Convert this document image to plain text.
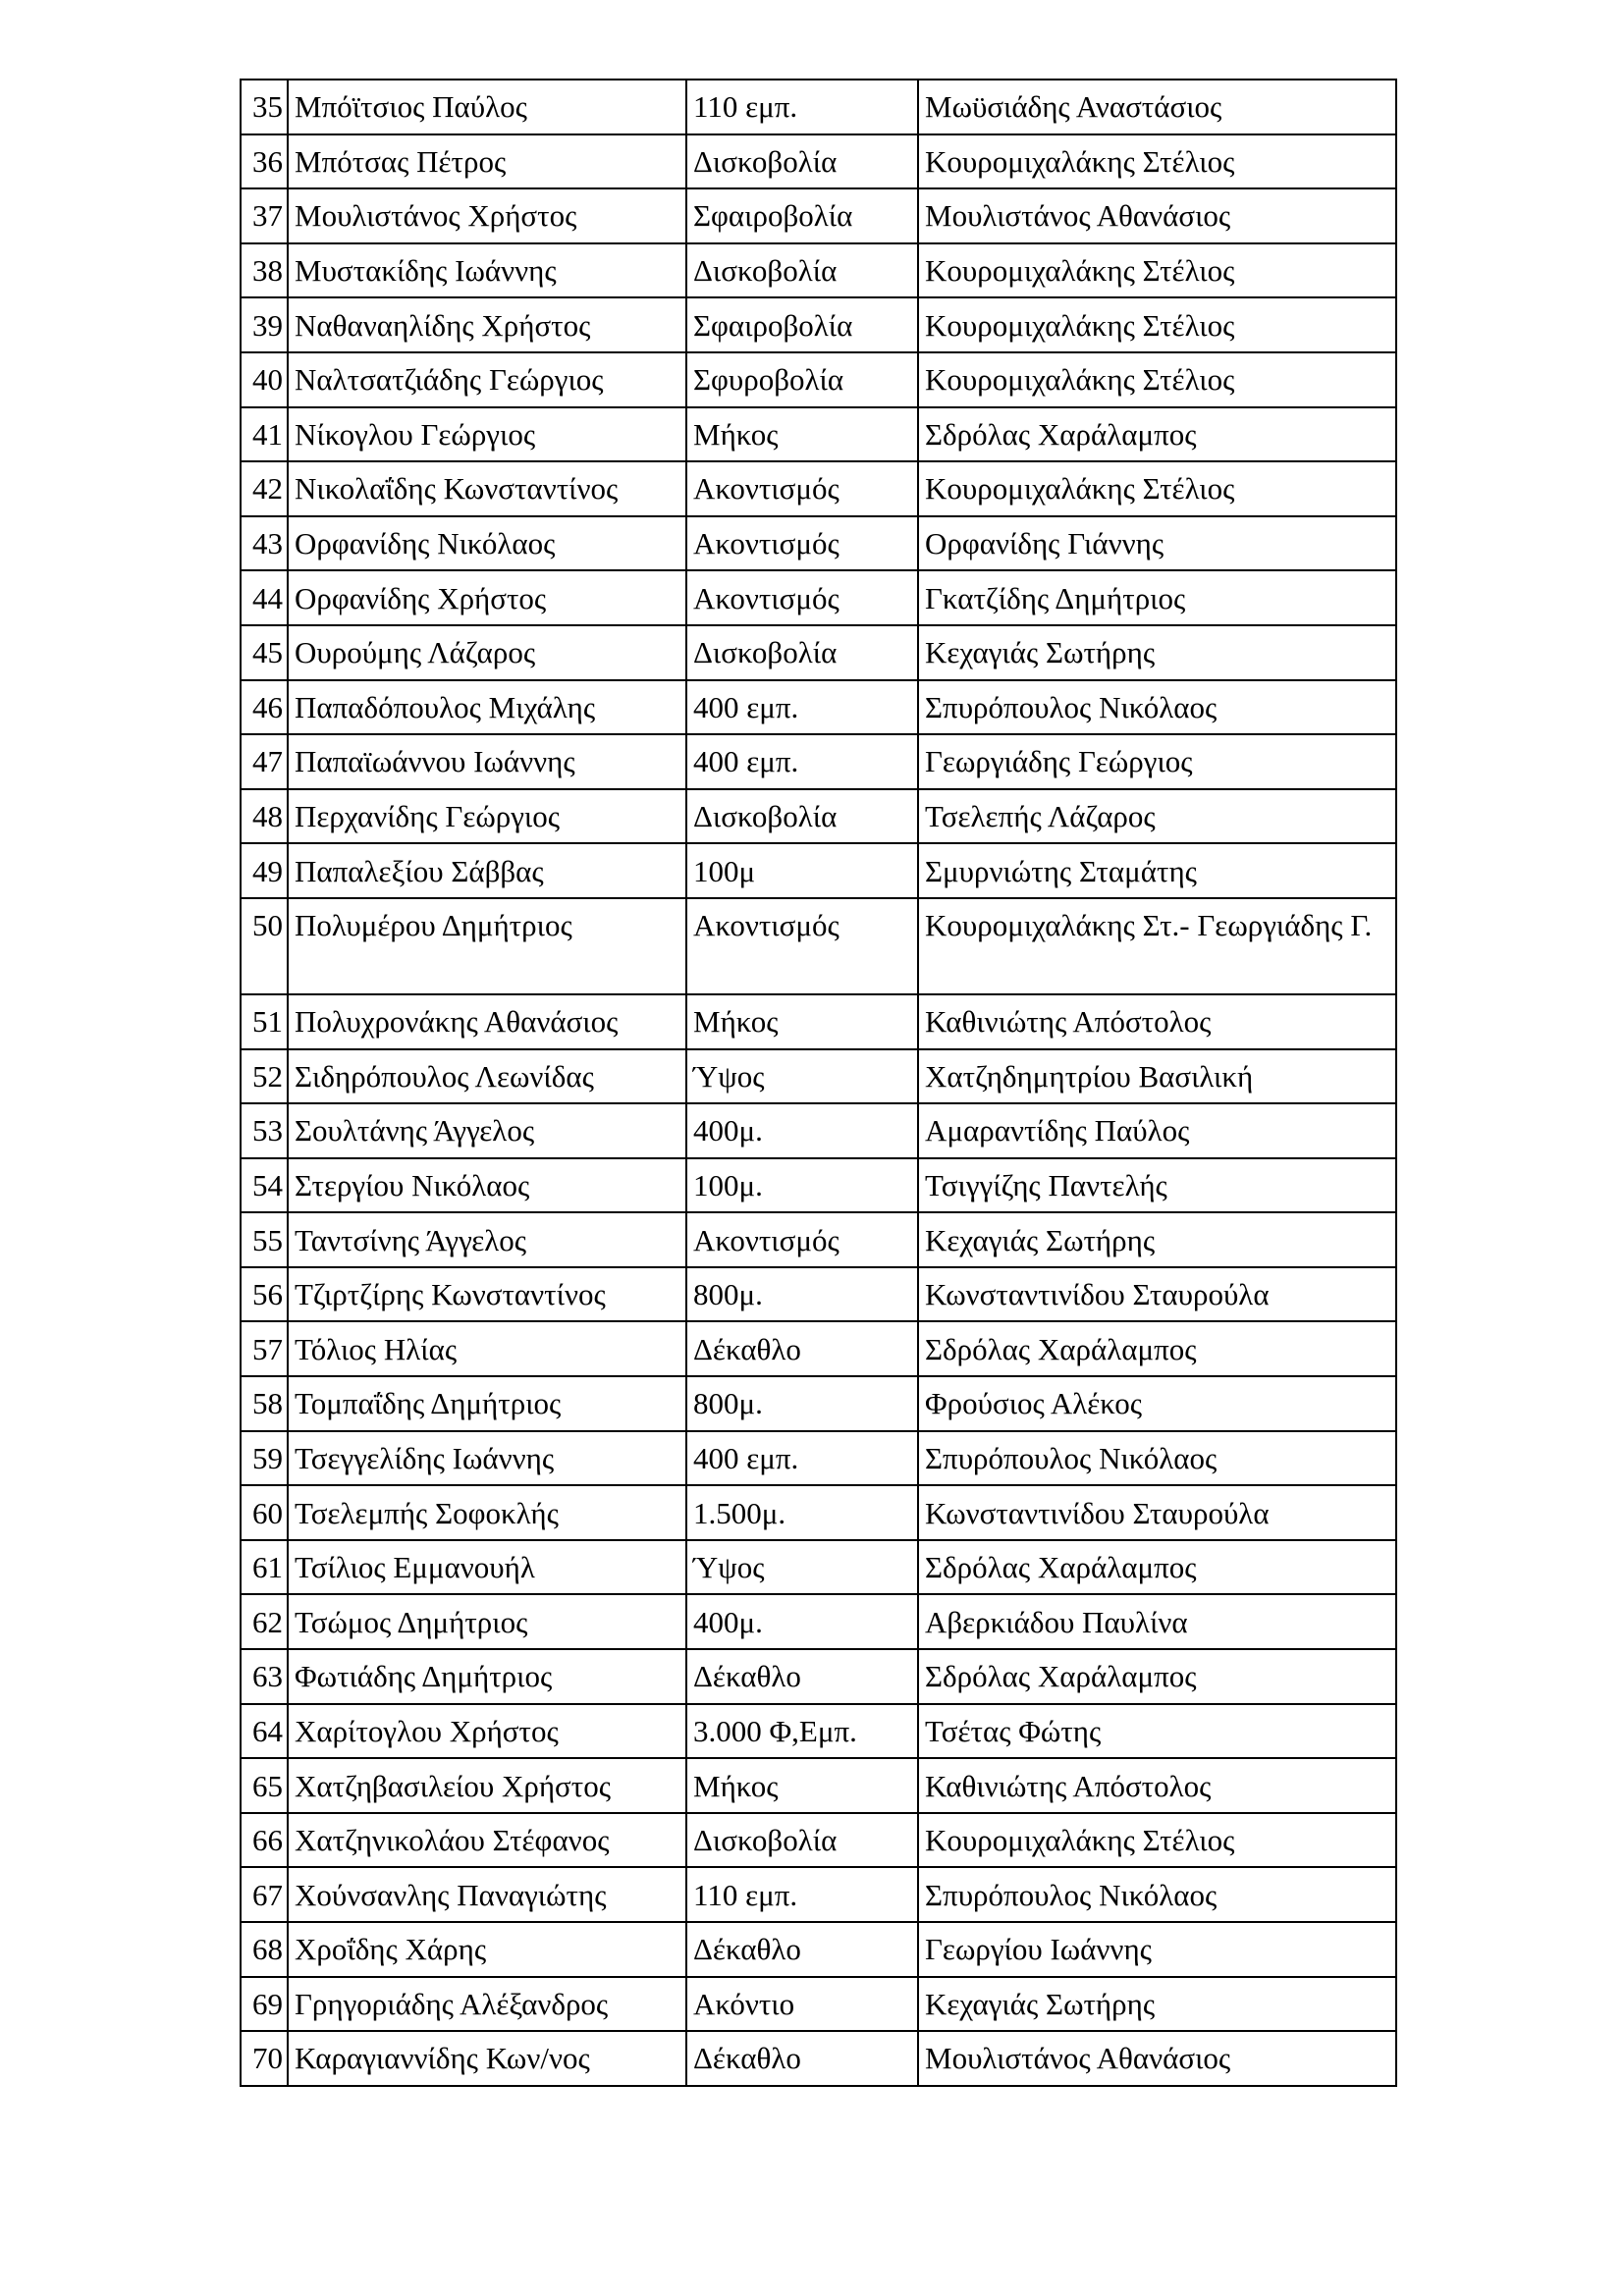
35	Μπόϊτσιος Παύλος	110 εμπ.	Μωϋσιάδης Αναστάσιος
36	Μπότσας Πέτρος	Δισκοβολία	Κουρομιχαλάκης Στέλιος
37	Μουλιστάνος Χρήστος	Σφαιροβολία	Μουλιστάνος Αθανάσιος
38	Μυστακίδης Ιωάννης	Δισκοβολία	Κουρομιχαλάκης Στέλιος
39	Ναθαναηλίδης Χρήστος	Σφαιροβολία	Κουρομιχαλάκης Στέλιος
40	Ναλτσατζιάδης Γεώργιος	Σφυροβολία	Κουρομιχαλάκης Στέλιος
41	Νίκογλου Γεώργιος	Μήκος	Σδρόλας Χαράλαμπος
42	Νικολαΐδης Κωνσταντίνος	Ακοντισμός	Κουρομιχαλάκης Στέλιος
43	Ορφανίδης Νικόλαος	Ακοντισμός	Ορφανίδης Γιάννης
44	Ορφανίδης Χρήστος	Ακοντισμός	Γκατζίδης Δημήτριος
45	Ουρούμης Λάζαρος	Δισκοβολία	Κεχαγιάς Σωτήρης
46	Παπαδόπουλος Μιχάλης	400 εμπ.	Σπυρόπουλος Νικόλαος
47	Παπαϊωάννου Ιωάννης	400 εμπ.	Γεωργιάδης Γεώργιος
48	Περχανίδης Γεώργιος	Δισκοβολία	Τσελεπής Λάζαρος
49	Παπαλεξίου Σάββας	100μ	Σμυρνιώτης Σταμάτης
50	Πολυμέρου Δημήτριος	Ακοντισμός	Κουρομιχαλάκης Στ.- Γεωργιάδης Γ.
51	Πολυχρονάκης Αθανάσιος	Μήκος	Καθινιώτης Απόστολος
52	Σιδηρόπουλος Λεωνίδας	Ύψος	Χατζηδημητρίου Βασιλική
53	Σουλτάνης Άγγελος	400μ.	Αμαραντίδης Παύλος
54	Στεργίου Νικόλαος	100μ.	Τσιγγίζης Παντελής
55	Ταντσίνης Άγγελος	Ακοντισμός	Κεχαγιάς Σωτήρης
56	Τζιρτζίρης Κωνσταντίνος	800μ.	Κωνσταντινίδου Σταυρούλα
57	Τόλιος Ηλίας	Δέκαθλο	Σδρόλας Χαράλαμπος
58	Τομπαΐδης Δημήτριος	800μ.	Φρούσιος Αλέκος
59	Τσεγγελίδης Ιωάννης	400 εμπ.	Σπυρόπουλος Νικόλαος
60	Τσελεμπής Σοφοκλής	1.500μ.	Κωνσταντινίδου Σταυρούλα
61	Τσίλιος Εμμανουήλ	Ύψος	Σδρόλας Χαράλαμπος
62	Τσώμος Δημήτριος	400μ.	Αβερκιάδου Παυλίνα
63	Φωτιάδης Δημήτριος	Δέκαθλο	Σδρόλας Χαράλαμπος
64	Χαρίτογλου Χρήστος	3.000 Φ,Εμπ.	Τσέτας Φώτης
65	Χατζηβασιλείου Χρήστος	Μήκος	Καθινιώτης Απόστολος
66	Χατζηνικολάου Στέφανος	Δισκοβολία	Κουρομιχαλάκης Στέλιος
67	Χούνσανλης Παναγιώτης	110 εμπ.	Σπυρόπουλος Νικόλαος
68	Χροΐδης Χάρης	Δέκαθλο	Γεωργίου Ιωάννης
69	Γρηγοριάδης Αλέξανδρος	Ακόντιο	Κεχαγιάς Σωτήρης
70	Καραγιαννίδης Κων/νος	Δέκαθλο	Μουλιστάνος Αθανάσιος
